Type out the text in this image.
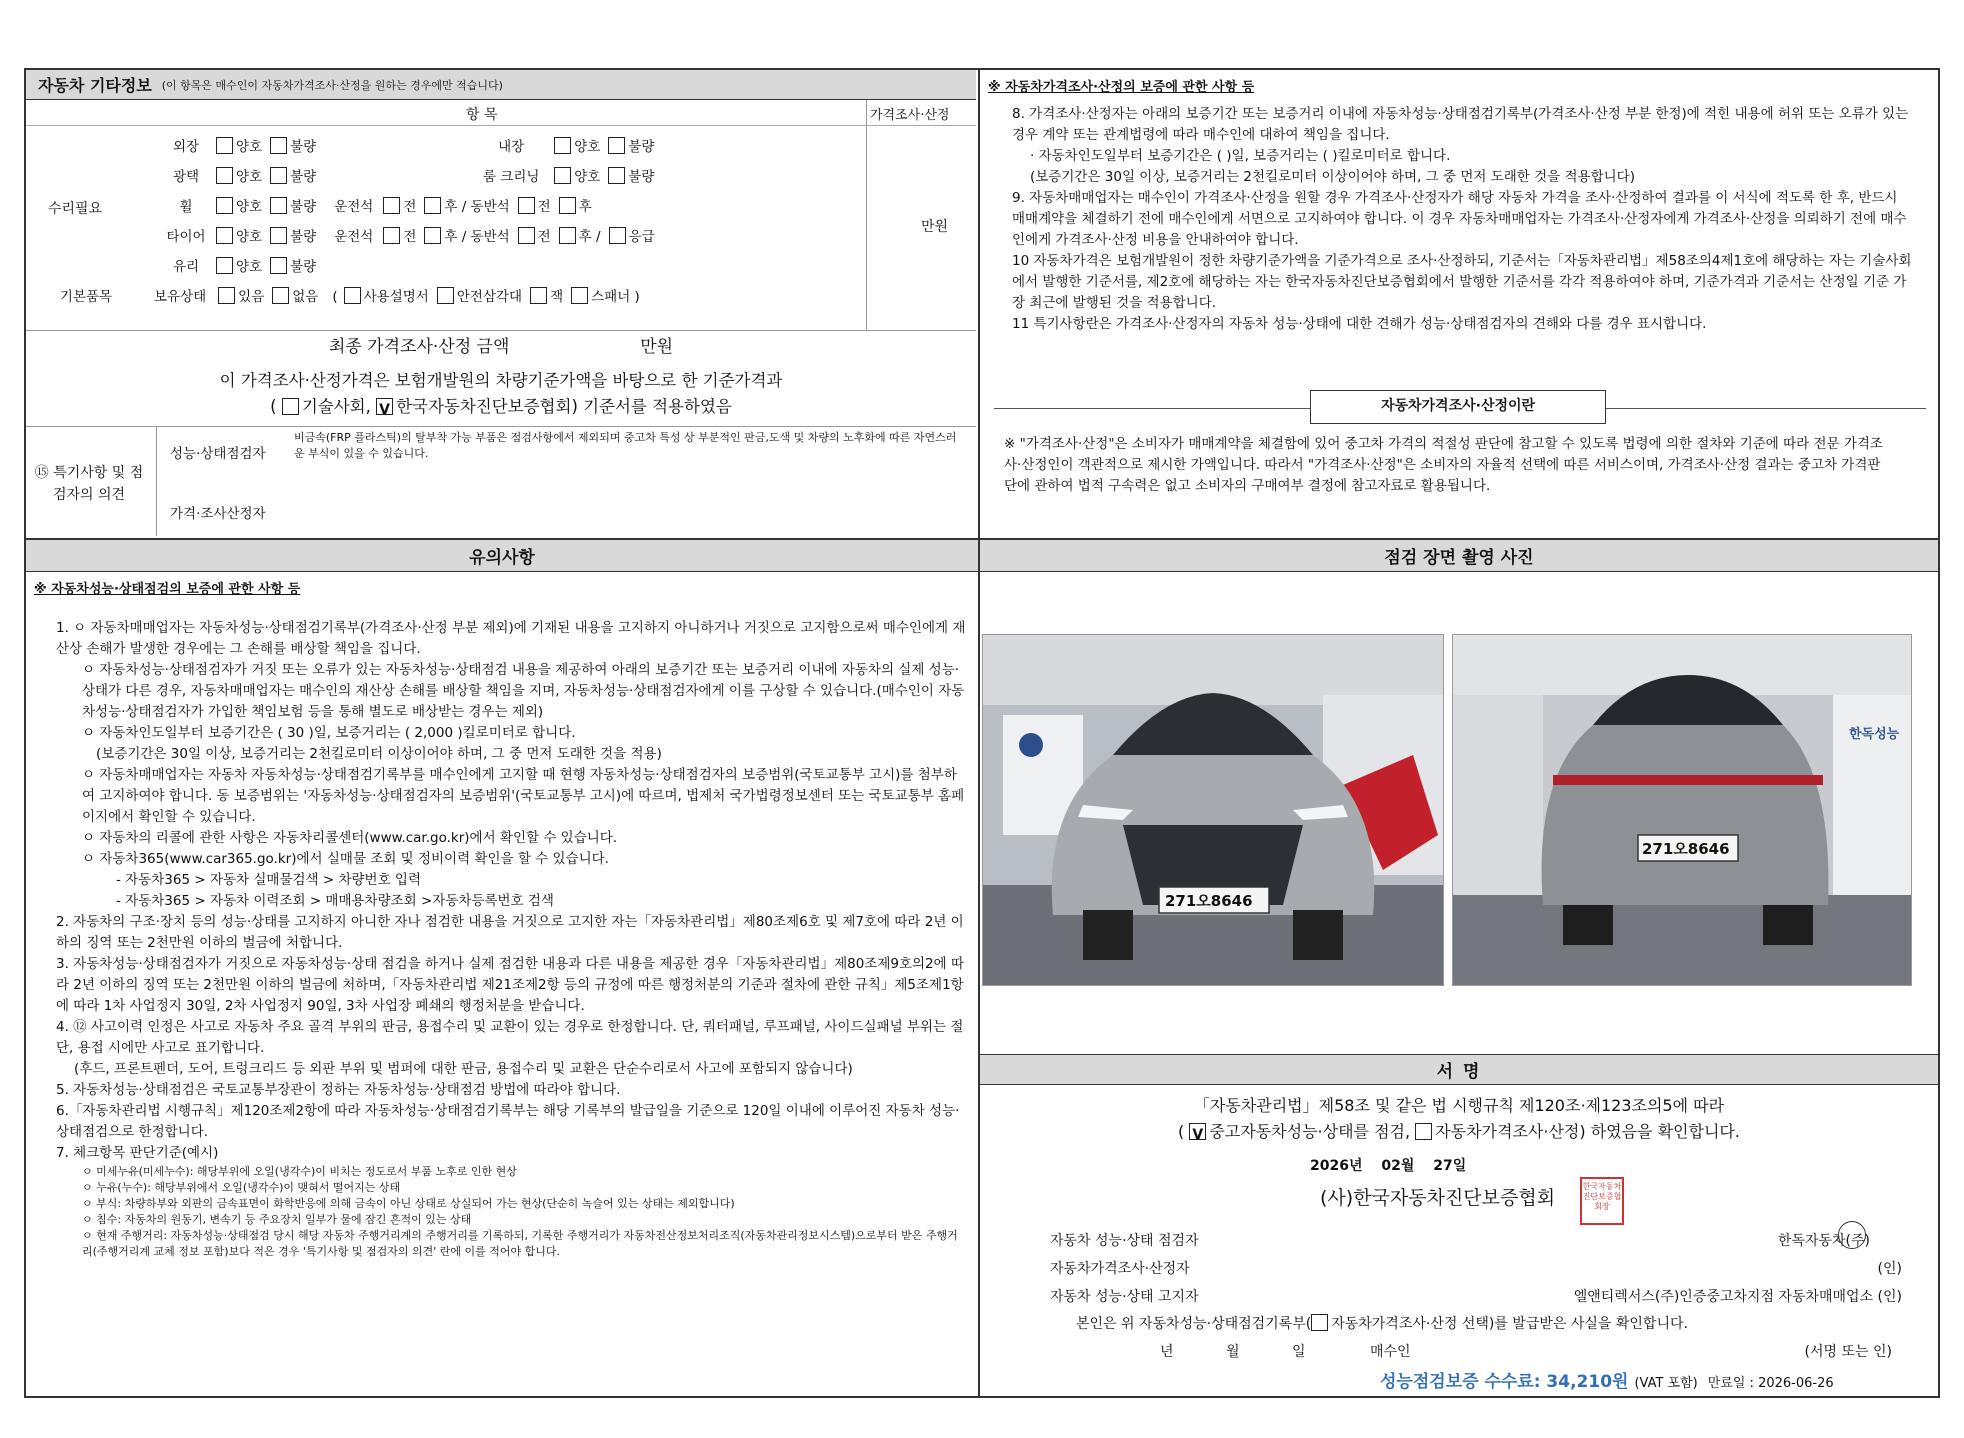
자동차 기타정보 (이 항목은 매수인이 자동차가격조사·산정을 원하는 경우에만 적습니다)
항 목	가격조사·산정
수리필요
만원
외장	양호	불량	내장	양호	불량
광택	양호	불량	룸 크리닝	양호	불량
휠	양호	불량 운전석	전	후 / 동반석	전	후
타이어	양호	불량 운전석	전	후 / 동반석	전	후 /	응급
유리	양호	불량
기본품목	보유상태	있음	없음 (	사용설명서	안전삼각대	잭	스패너 )
최종 가격조사·산정 금액	만원
이 가격조사·산정가격은 보험개발원의 차량기준가액을 바탕으로 한 기준가격과
( 기술사회, V 한국자동차진단보증협회) 기준서를 적용하였음
⑮ 특기사항 및 점검자의 의견
성능·상태점검자
비금속(FRP 플라스틱)의 탈부착 가능 부품은 점검사항에서 제외되며 중고차 특성 상 부분적인 판금,도색 및 차량의 노후화에 따른 자연스러운 부식이 있을 수 있습니다.
가격·조사산정자
※ 자동차가격조사·산정의 보증에 관한 사항 등
8. 가격조사·산정자는 아래의 보증기간 또는 보증거리 이내에 자동차성능·상태점검기록부(가격조사·산정 부분 한정)에 적힌 내용에 허위 또는 오류가 있는 경우 계약 또는 관계법령에 따라 매수인에 대하여 책임을 집니다.
· 자동차인도일부터 보증기간은 ( )일, 보증거리는 ( )킬로미터로 합니다.
(보증기간은 30일 이상, 보증거리는 2천킬로미터 이상이어야 하며, 그 중 먼저 도래한 것을 적용합니다)
9. 자동차매매업자는 매수인이 가격조사·산정을 원할 경우 가격조사·산정자가 해당 자동차 가격을 조사·산정하여 결과를 이 서식에 적도록 한 후, 반드시 매매계약을 체결하기 전에 매수인에게 서면으로 고지하여야 합니다. 이 경우 자동차매매업자는 가격조사·산정자에게 가격조사·산정을 의뢰하기 전에 매수인에게 가격조사·산정 비용을 안내하여야 합니다.
10 자동차가격은 보험개발원이 정한 차량기준가액을 기준가격으로 조사·산정하되, 기준서는「자동차관리법」제58조의4제1호에 해당하는 자는 기술사회에서 발행한 기준서를, 제2호에 해당하는 자는 한국자동차진단보증협회에서 발행한 기준서를 각각 적용하여야 하며, 기준가격과 기준서는 산정일 기준 가장 최근에 발행된 것을 적용합니다.
11 특기사항란은 가격조사·산정자의 자동차 성능·상태에 대한 견해가 성능·상태점검자의 견해와 다를 경우 표시합니다.
자동차가격조사·산정이란
※ "가격조사·산정"은 소비자가 매매계약을 체결함에 있어 중고차 가격의 적절성 판단에 참고할 수 있도록 법령에 의한 절차와 기준에 따라 전문 가격조사·산정인이 객관적으로 제시한 가액입니다. 따라서 "가격조사·산정"은 소비자의 자율적 선택에 따른 서비스이며, 가격조사·산정 결과는 중고차 가격판단에 관하여 법적 구속력은 없고 소비자의 구매여부 결정에 참고자료로 활용됩니다.
유의사항
※ 자동차성능·상태점검의 보증에 관한 사항 등
1. ㅇ 자동차매매업자는 자동차성능·상태점검기록부(가격조사·산정 부분 제외)에 기재된 내용을 고지하지 아니하거나 거짓으로 고지함으로써 매수인에게 재산상 손해가 발생한 경우에는 그 손해를 배상할 책임을 집니다.
ㅇ 자동차성능·상태점검자가 거짓 또는 오류가 있는 자동차성능·상태점검 내용을 제공하여 아래의 보증기간 또는 보증거리 이내에 자동차의 실제 성능·상태가 다른 경우, 자동차매매업자는 매수인의 재산상 손해를 배상할 책임을 지며, 자동차성능·상태점검자에게 이를 구상할 수 있습니다.(매수인이 자동차성능·상태점검자가 가입한 책임보험 등을 통해 별도로 배상받는 경우는 제외)
ㅇ 자동차인도일부터 보증기간은 ( 30 )일, 보증거리는 ( 2,000 )킬로미터로 합니다.
(보증기간은 30일 이상, 보증거리는 2천킬로미터 이상이어야 하며, 그 중 먼저 도래한 것을 적용)
ㅇ 자동차매매업자는 자동차 자동차성능·상태점검기록부를 매수인에게 고지할 때 현행 자동차성능·상태점검자의 보증범위(국토교통부 고시)를 첨부하여 고지하여야 합니다. 동 보증범위는 '자동차성능·상태점검자의 보증범위'(국토교통부 고시)에 따르며, 법제처 국가법령정보센터 또는 국토교통부 홈페이지에서 확인할 수 있습니다.
ㅇ 자동차의 리콜에 관한 사항은 자동차리콜센터(www.car.go.kr)에서 확인할 수 있습니다.
ㅇ 자동차365(www.car365.go.kr)에서 실매물 조회 및 정비이력 확인을 할 수 있습니다.
- 자동차365 > 자동차 실매물검색 > 차량번호 입력
- 자동차365 > 자동차 이력조회 > 매매용차량조회 >자동차등록번호 검색
2. 자동차의 구조·장치 등의 성능·상태를 고지하지 아니한 자나 점검한 내용을 거짓으로 고지한 자는「자동차관리법」제80조제6호 및 제7호에 따라 2년 이하의 징역 또는 2천만원 이하의 벌금에 처합니다.
3. 자동차성능·상태점검자가 거짓으로 자동차성능·상태 점검을 하거나 실제 점검한 내용과 다른 내용을 제공한 경우「자동차관리법」제80조제9호의2에 따라 2년 이하의 징역 또는 2천만원 이하의 벌금에 처하며,「자동차관리법 제21조제2항 등의 규정에 따른 행정처분의 기준과 절차에 관한 규칙」제5조제1항에 따라 1차 사업정지 30일, 2차 사업정지 90일, 3차 사업장 폐쇄의 행정처분을 받습니다.
4. ⑫ 사고이력 인정은 사고로 자동차 주요 골격 부위의 판금, 용접수리 및 교환이 있는 경우로 한정합니다. 단, 쿼터패널, 루프패널, 사이드실패널 부위는 절단, 용접 시에만 사고로 표기합니다.
(후드, 프론트펜더, 도어, 트렁크리드 등 외판 부위 및 범퍼에 대한 판금, 용접수리 및 교환은 단순수리로서 사고에 포함되지 않습니다)
5. 자동차성능·상태점검은 국토교통부장관이 정하는 자동차성능·상태점검 방법에 따라야 합니다.
6.「자동차관리법 시행규칙」제120조제2항에 따라 자동차성능·상태점검기록부는 해당 기록부의 발급일을 기준으로 120일 이내에 이루어진 자동차 성능·상태점검으로 한정합니다.
7. 체크항목 판단기준(예시)
ㅇ 미세누유(미세누수): 해당부위에 오일(냉각수)이 비치는 정도로서 부품 노후로 인한 현상
ㅇ 누유(누수): 해당부위에서 오일(냉각수)이 맺혀서 떨어지는 상태
ㅇ 부식: 차량하부와 외판의 금속표면이 화학반응에 의해 금속이 아닌 상태로 상실되어 가는 현상(단순히 녹슬어 있는 상태는 제외합니다)
ㅇ 침수: 자동차의 원동기, 변속기 등 주요장치 일부가 물에 잠긴 흔적이 있는 상태
ㅇ 현재 주행거리: 자동차성능·상태점검 당시 해당 자동차 주행거리계의 주행거리를 기록하되, 기록한 주행거리가 자동차전산정보처리조직(자동차관리정보시스템)으로부터 받은 주행거리(주행거리계 교체 정보 포함)보다 적은 경우 '특기사항 및 점검자의 의견' 란에 이를 적어야 합니다.
점검 장면 촬영 사진
271오8646
271오8646
한독성능
서 명
「자동차관리법」제58조 및 같은 법 시행규칙 제120조·제123조의5에 따라
( V중고자동차성능·상태를 점검, 자동차가격조사·산정) 하였음을 확인합니다.
2026년 02월 27일
(사)한국자동차진단보증협회
한국자동차진단보증협회장
자동차 성능·상태 점검자	한독자동차(주)
자동차가격조사·산정자	(인)
자동차 성능·상태 고지자	엘앤티렉서스(주)인증중고차지점 자동차매매업소 (인)
본인은 위 자동차성능·상태점검기록부( 자동차가격조사·산정 선택)를 발급받은 사실을 확인합니다.
년	월	일	매수인	(서명 또는 인)
성능점검보증 수수료: 34,210원 (VAT 포함) 만료일 : 2026-06-26
